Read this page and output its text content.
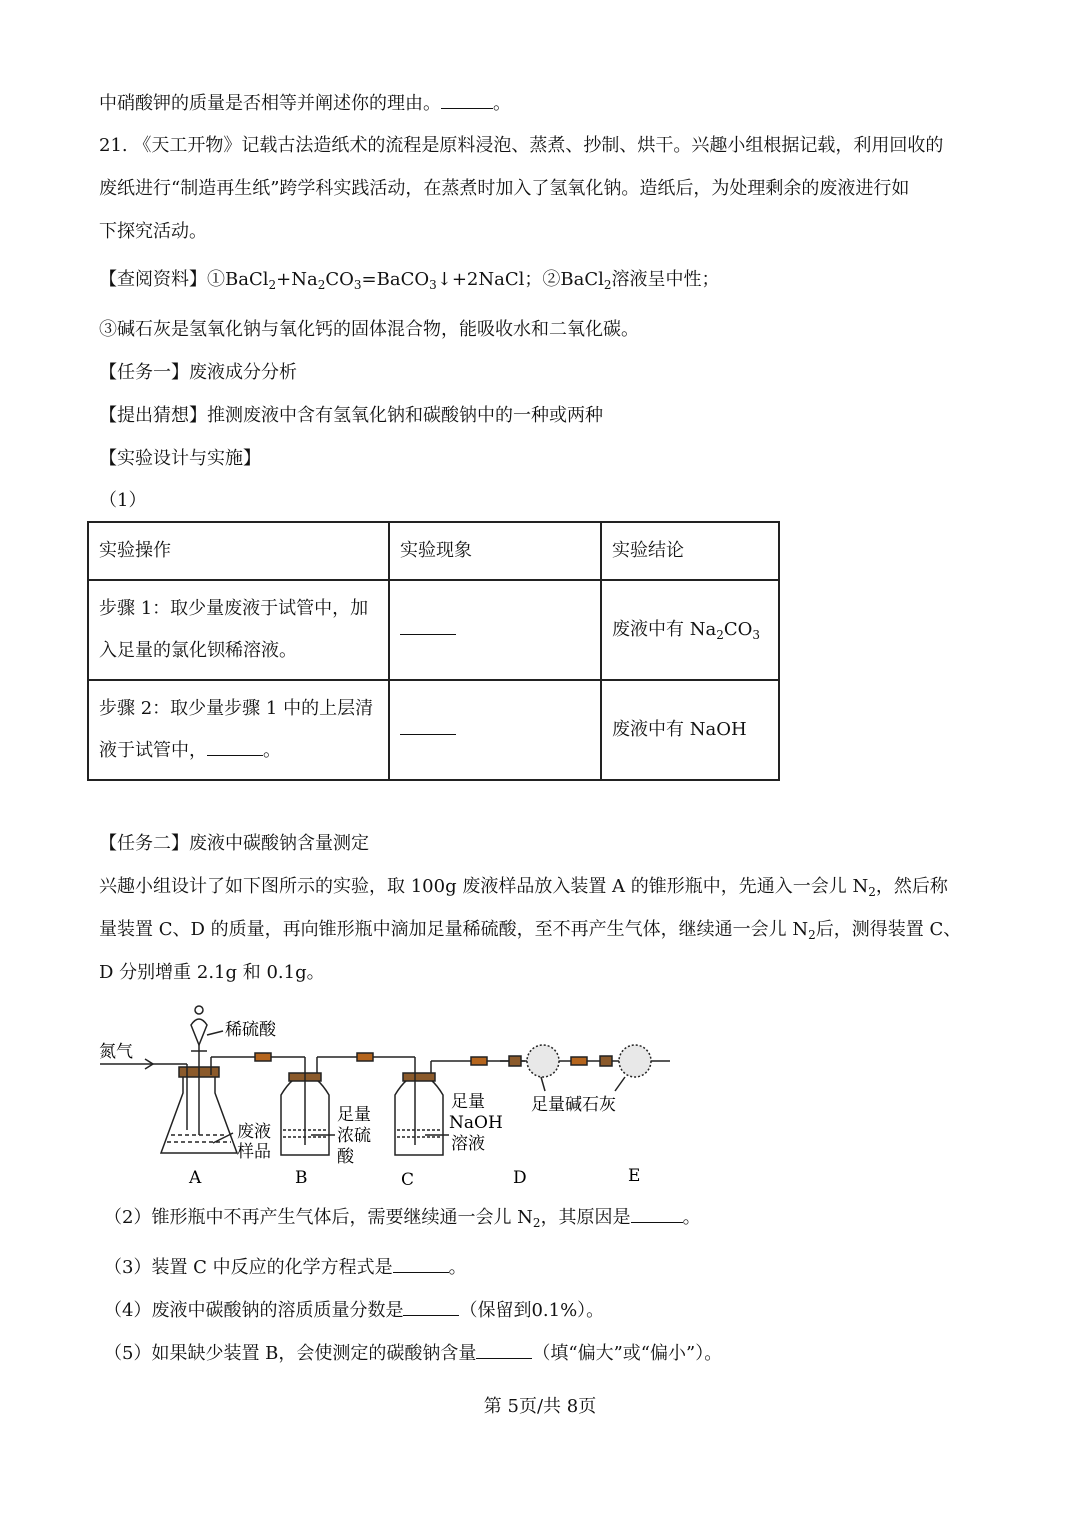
中硝酸钾的质量是否相等并阐述你的理由。	。
21. 《天工开物》记载古法造纸术的流程是原料浸泡、蒸煮、抄制、烘干。兴趣小组根据记载，利用回收的
废纸进行“制造再生纸”跨学科实践活动，在蒸煮时加入了氢氧化钠。造纸后，为处理剩余的废液进行如
下探究活动。
【查阅资料】$①BaCl_2+Na_2CO_3=BaCO_3↓+2NaCl$；②BaCl$_2$溶液呈中性；
③碱石灰是氢氧化钠与氧化钙的固体混合物，能吸收水和二氧化碳。
【任务一】废液成分分析
【提出猜想】推测废液中含有氢氧化钠和碳酸钠中的一种或两种
【实验设计与实施】
（1）
实验操作	实验现象	实验结论
步骤 1：取少量废液于试管中，加
入足量的氯化钡稀溶液。		废液中有 $Na_2CO_3$
步骤 2：取少量步骤 1 中的上层清
液于试管中， 。		废液中有 NaOH
【任务二】废液中碳酸钠含量测定
兴趣小组设计了如下图所示的实验，取 100g 废液样品放入装置 A 的锥形瓶中，先通入一会儿 $N_2$，然后称
量装置 C、D 的质量，再向锥形瓶中滴加足量稀硫酸，至不再产生气体，继续通一会儿 $N_2$后，测得装置 C、
D 分别增重 2.1g 和 0.1g。
氮气
稀硫酸
废液
样品
足量
浓硫
酸
足量
NaOH
溶液
足量碱石灰
A	B	C	D	E
（2）锥形瓶中不再产生气体后，需要继续通一会儿 $N_2$，其原因是	。
（3）装置 C 中反应的化学方程式是	。
（4）废液中碳酸钠的溶质质量分数是	（保留到0.1%）。
（5）如果缺少装置 B，会使测定的碳酸钠含量	（填“偏大”或“偏小”）。
第 5页/共 8页
